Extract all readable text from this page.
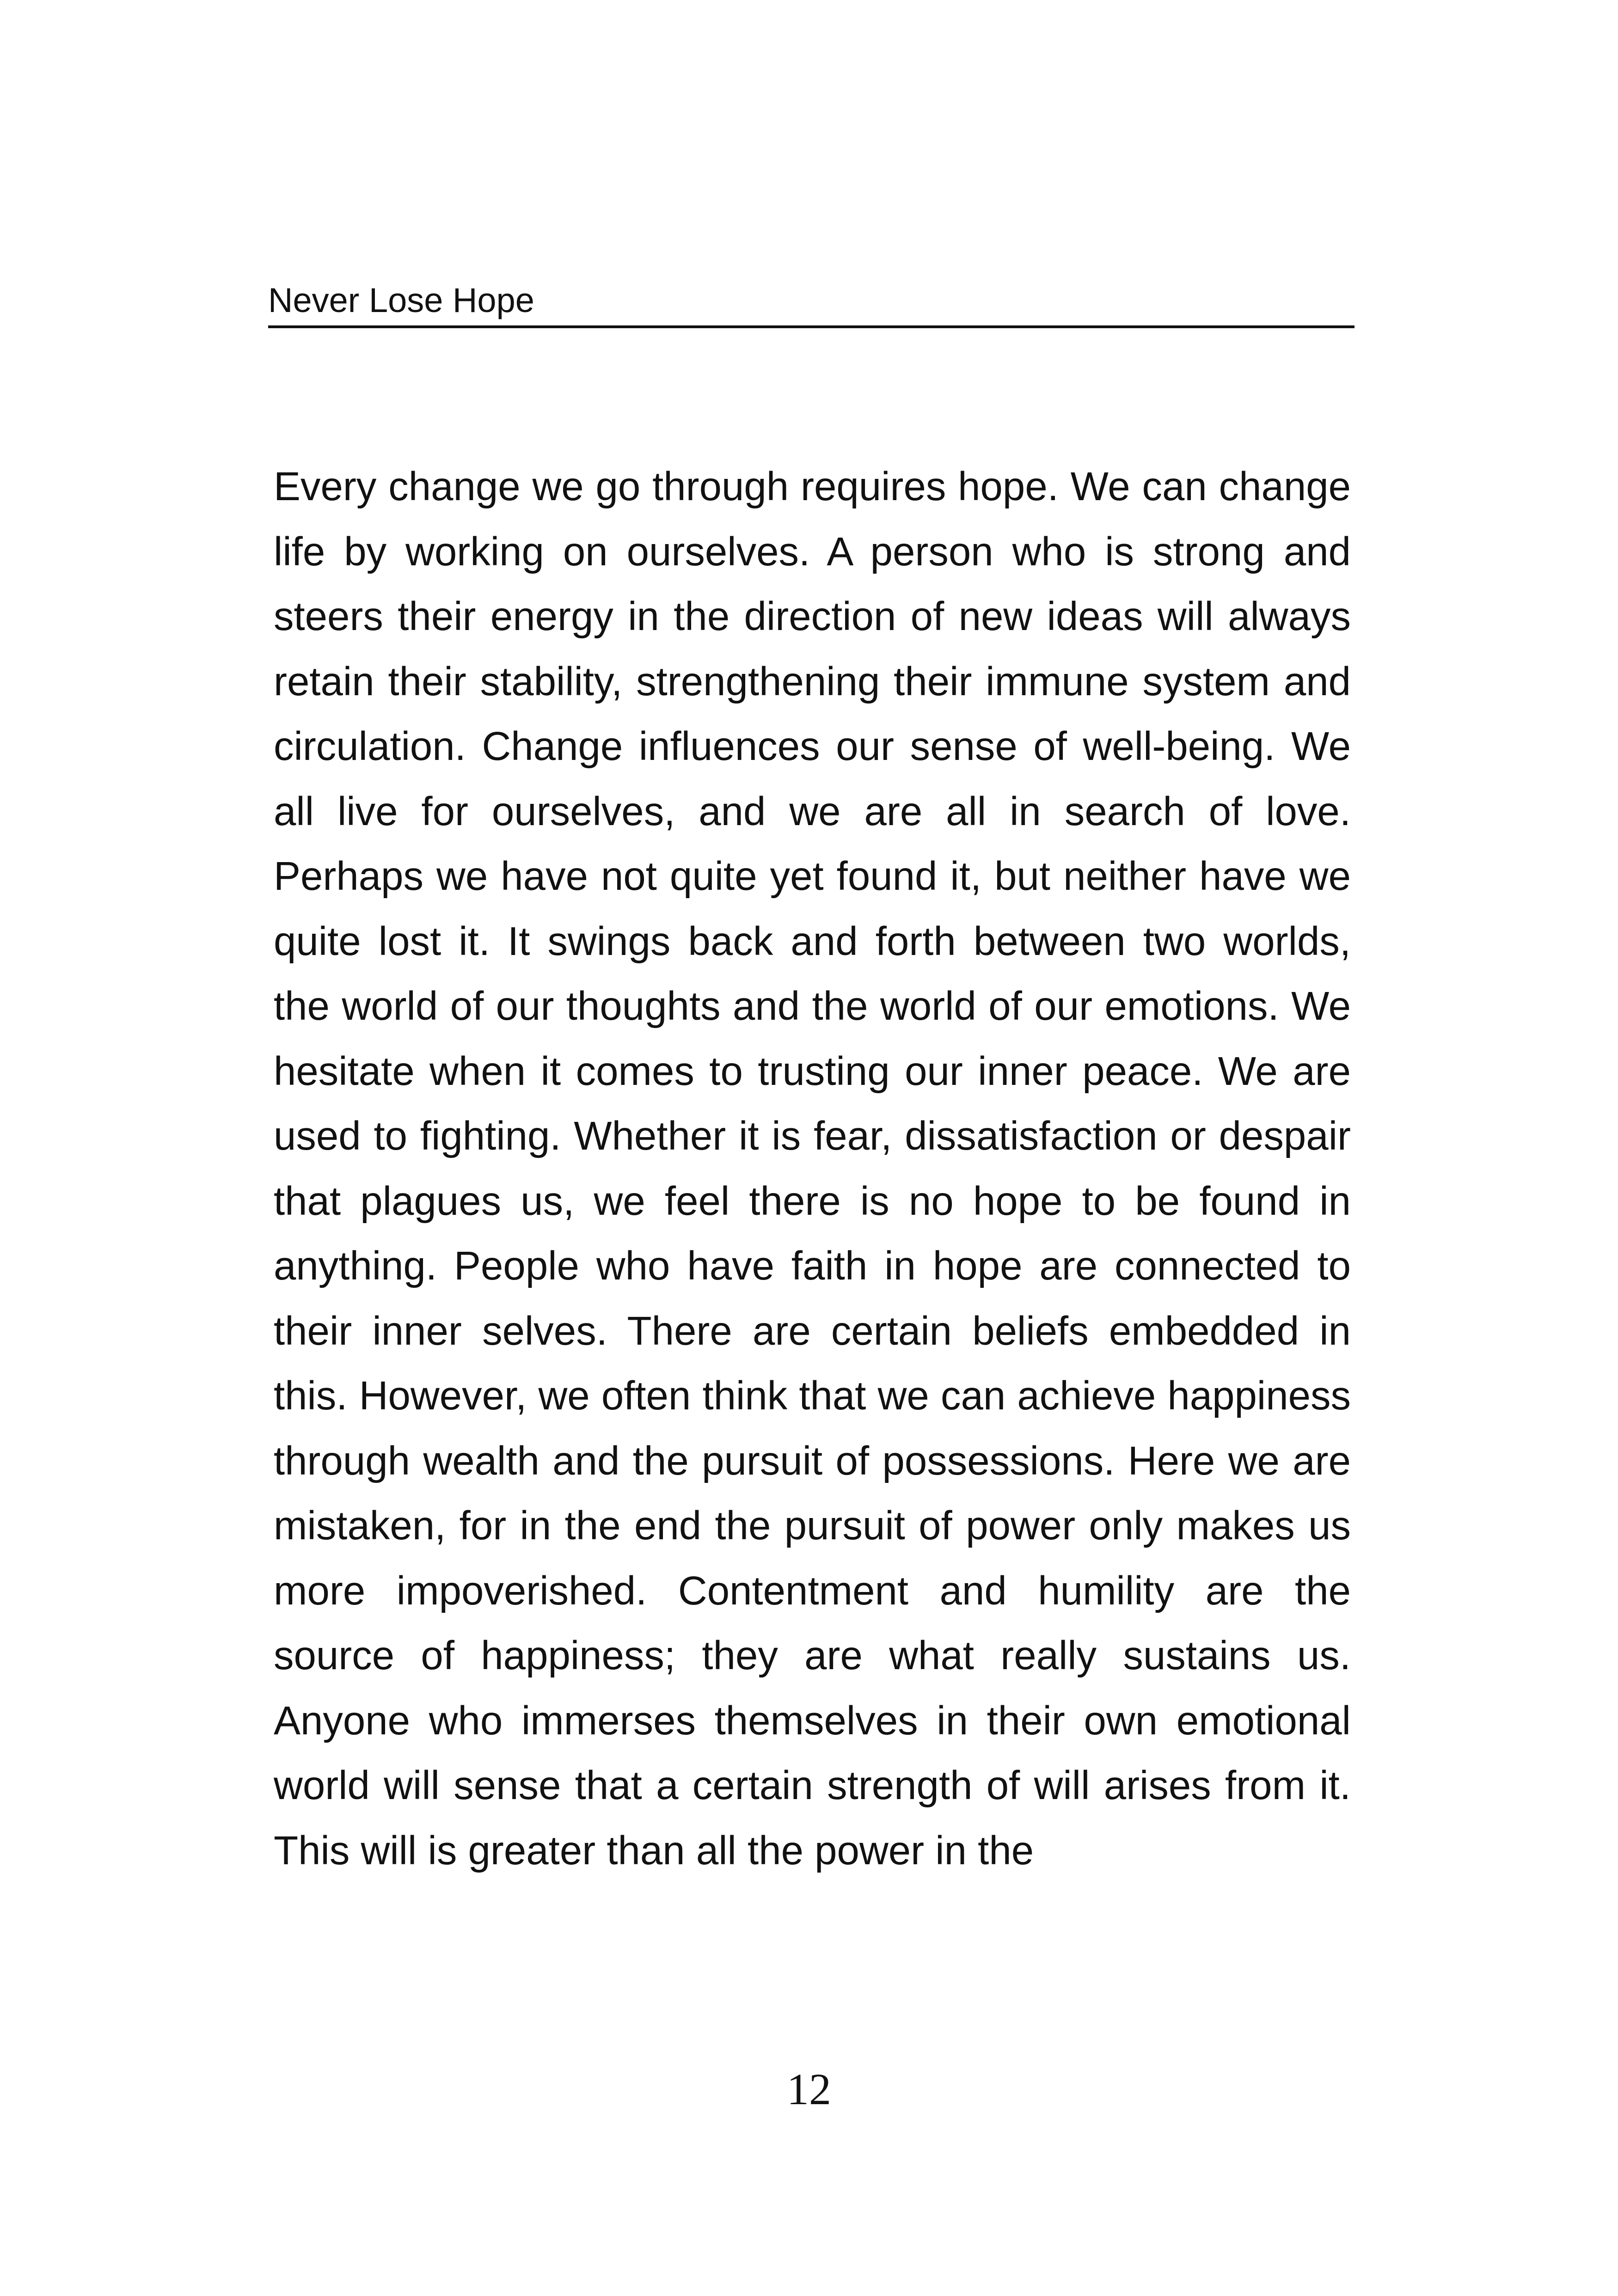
Never Lose Hope

Every change we go through requires hope. We can change life by working on ourselves. A person who is strong and steers their energy in the direction of new ideas will always retain their stability, strengthening their immune system and circulation. Change influences our sense of well-being. We all live for ourselves, and we are all in search of love. Perhaps we have not quite yet found it, but neither have we quite lost it. It swings back and forth between two worlds, the world of our thoughts and the world of our emotions. We hesitate when it comes to trusting our inner peace. We are used to fighting. Whether it is fear, dissatisfaction or despair that plagues us, we feel there is no hope to be found in anything. People who have faith in hope are connected to their inner selves. There are certain beliefs embedded in this. However, we often think that we can achieve happiness through wealth and the pursuit of possessions. Here we are mistaken, for in the end the pursuit of power only makes us more impoverished. Contentment and humility are the source of happiness; they are what really sustains us. Anyone who immerses themselves in their own emotional world will sense that a certain strength of will arises from it. This will is greater than all the power in the

12
